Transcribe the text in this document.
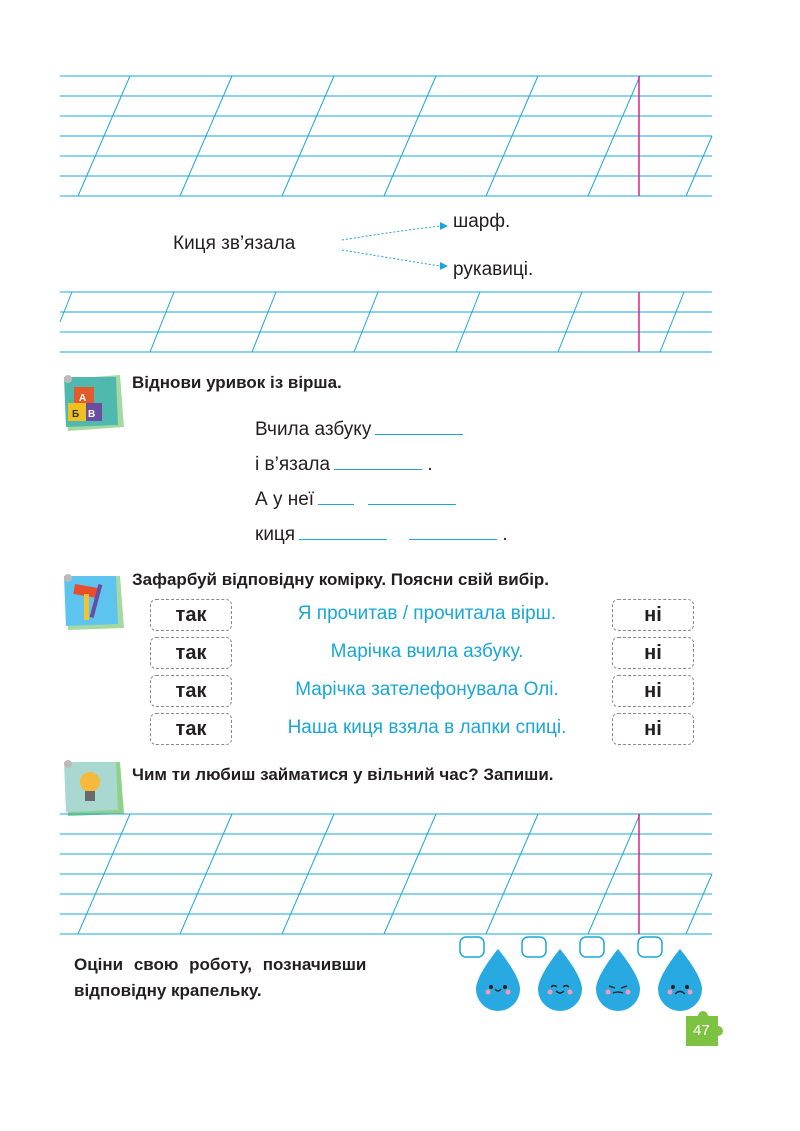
Киця зв’язала
шарф.
рукавиці.
Б В
А
Віднови уривок із вірша.
Вчила азбуку
і в’язала	.
А у неї
киця	.
Зафарбуй відповідну комірку. Поясни свій вибір.
так	Я прочитав / прочитала вірш.	ні
так	Марічка вчила азбуку.	ні
так	Марічка зателефонувала Олі.	ні
так	Наша киця взяла в лапки спиці.	ні
Чим ти любиш займатися у вільний час? Запиши.
Оціни свою роботу, позначивши
відповідну крапельку.
47
